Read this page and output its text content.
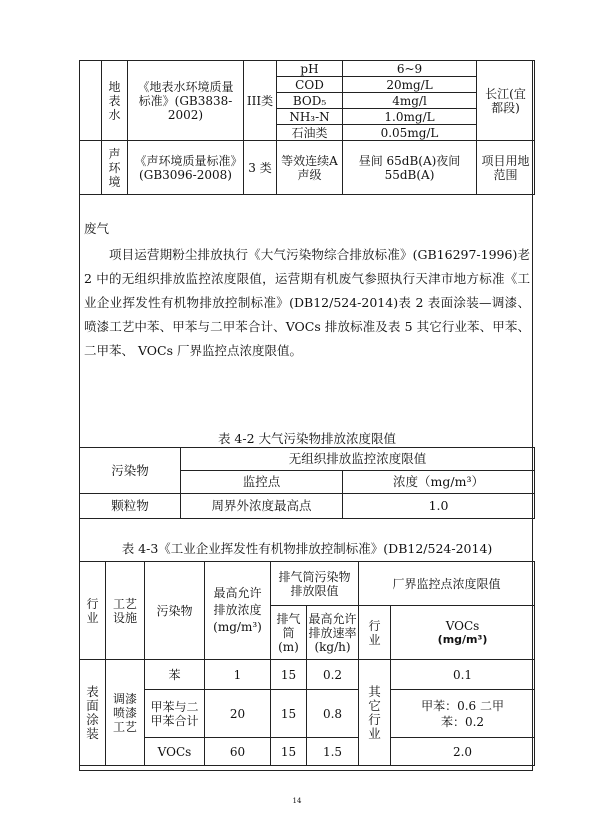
	地表水	《地表水环境质量标准》(GB3838-2002)	III类	pH	6~9	长江(宜都段)
				COD	20mg/L	
				BOD₅	4mg/l	
				NH₃-N	1.0mg/L	
				石油类	0.05mg/L	
	声环境	《声环境质量标准》(GB3096-2008)	3 类	等效连续A 声级	昼间 65dB(A)夜间55dB(A)	项目用地范围
废气
项目运营期粉尘排放执行《大气污染物综合排放标准》(GB16297-1996)老 2 中的无组织排放监控浓度限值，运营期有机废气参照执行天津市地方标准《工业企业挥发性有机物排放控制标准》(DB12/524-2014)表 2 表面涂装—调漆、喷漆工艺中苯、甲苯与二甲苯合计、VOCs 排放标准及表 5 其它行业苯、甲苯、二甲苯、 VOCs 厂界监控点浓度限值。
表 4-2 大气污染物排放浓度限值
污染物	无组织排放监控浓度限值	
	监控点	浓度（mg/m³）
颗粒物	周界外浓度最高点	1.0
表 4-3《工业企业挥发性有机物排放控制标准》(DB12/524-2014)
行业	工艺设施	污染物	最高允许排放浓度(mg/m³)	排气筒污染物排放限值		厂界监控点浓度限值	
				排气筒(m)	最高允许排放速率(kg/h)	行业	VOCs
(mg/m³)

表面涂装	调漆喷漆工艺	苯	1	15	0.2	其它行业	0.1
		甲苯与二甲苯合计	20	15	0.8		甲苯：0.6 二甲苯：0.2
		VOCs	60	15	1.5		2.0
14
